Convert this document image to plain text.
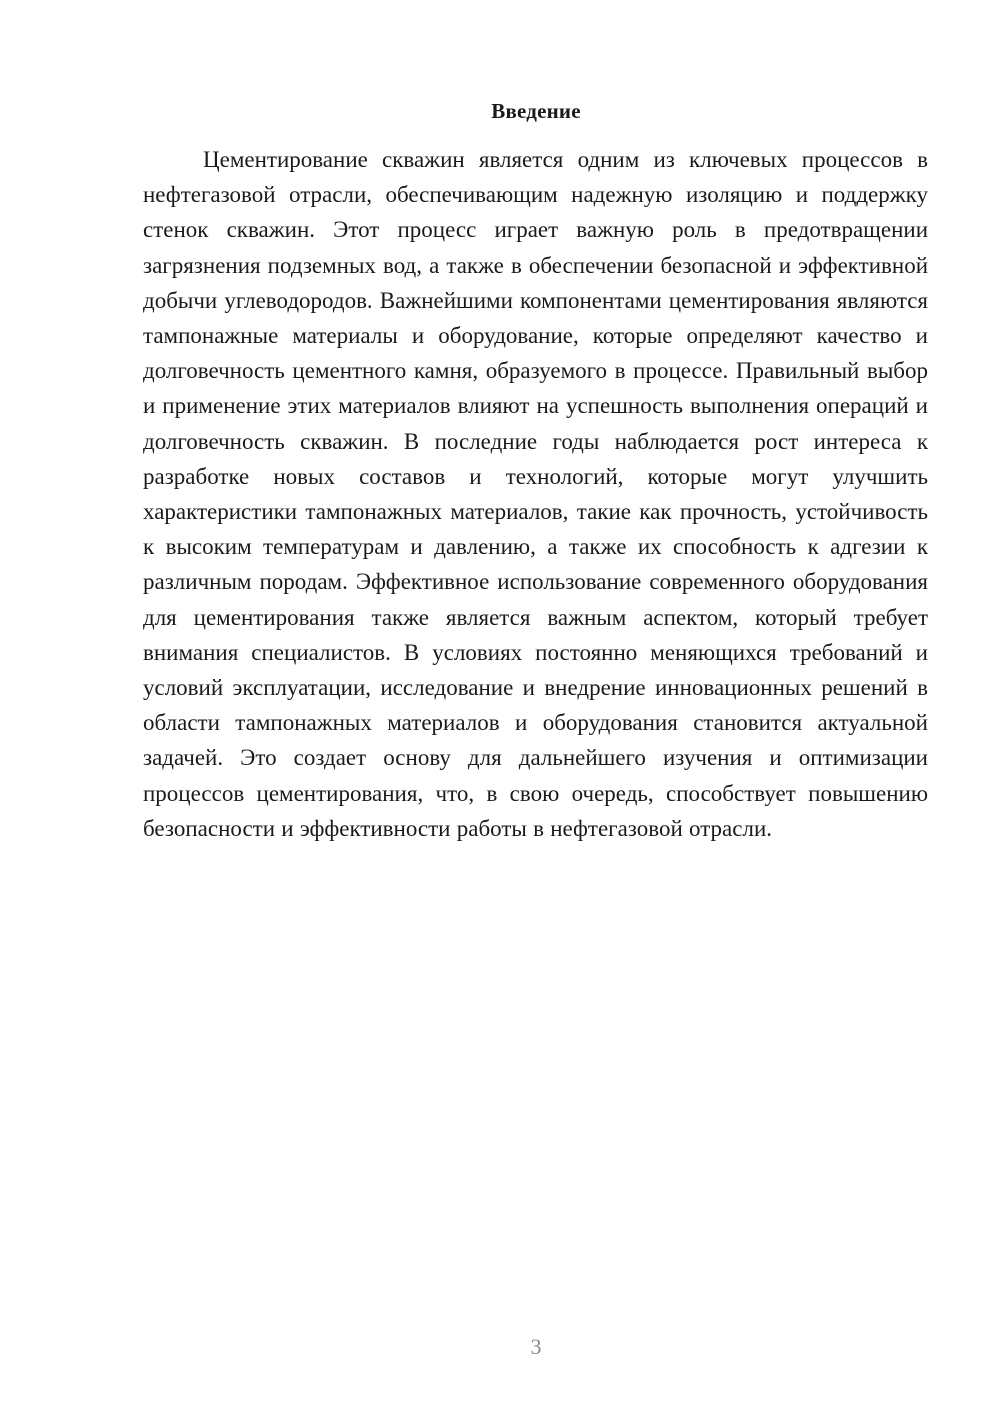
Введение

Цементирование скважин является одним из ключевых процессов в нефтегазовой отрасли, обеспечивающим надежную изоляцию и поддержку стенок скважин. Этот процесс играет важную роль в предотвращении загрязнения подземных вод, а также в обеспечении безопасной и эффективной добычи углеводородов. Важнейшими компонентами цементирования являются тампонажные материалы и оборудование, которые определяют качество и долговечность цементного камня, образуемого в процессе. Правильный выбор и применение этих материалов влияют на успешность выполнения операций и долговечность скважин. В последние годы наблюдается рост интереса к разработке новых составов и технологий, которые могут улучшить характеристики тампонажных материалов, такие как прочность, устойчивость к высоким температурам и давлению, а также их способность к адгезии к различным породам. Эффективное использование современного оборудования для цементирования также является важным аспектом, который требует внимания специалистов. В условиях постоянно меняющихся требований и условий эксплуатации, исследование и внедрение инновационных решений в области тампонажных материалов и оборудования становится актуальной задачей. Это создает основу для дальнейшего изучения и оптимизации процессов цементирования, что, в свою очередь, способствует повышению безопасности и эффективности работы в нефтегазовой отрасли.

3
